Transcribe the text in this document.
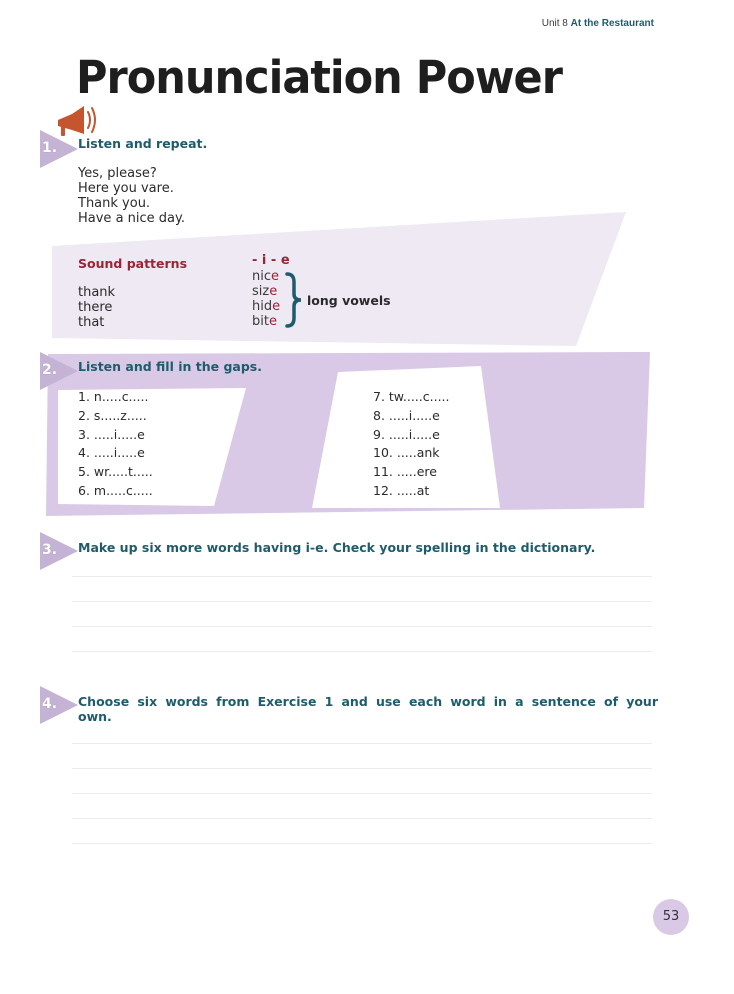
Unit 8 At the Restaurant
Pronunciation Power
1. Listen and repeat.
Yes, please?
Here you vare.
Thank you.
Have a nice day.
Sound patterns
thank
there
that
- i - e
nice
size
hide
bite
long vowels
2. Listen and fill in the gaps.
1. n.....c.....
2. s.....z.....
3. .....i.....e
4. .....i.....e
5. wr.....t.....
6. m.....c.....
7. tw.....c.....
8. .....i.....e
9. .....i.....e
10. .....ank
11. .....ere
12. .....at
3. Make up six more words having i-e. Check your spelling in the dictionary.
4. Choose six words from Exercise 1 and use each word in a sentence of your
own.
53
